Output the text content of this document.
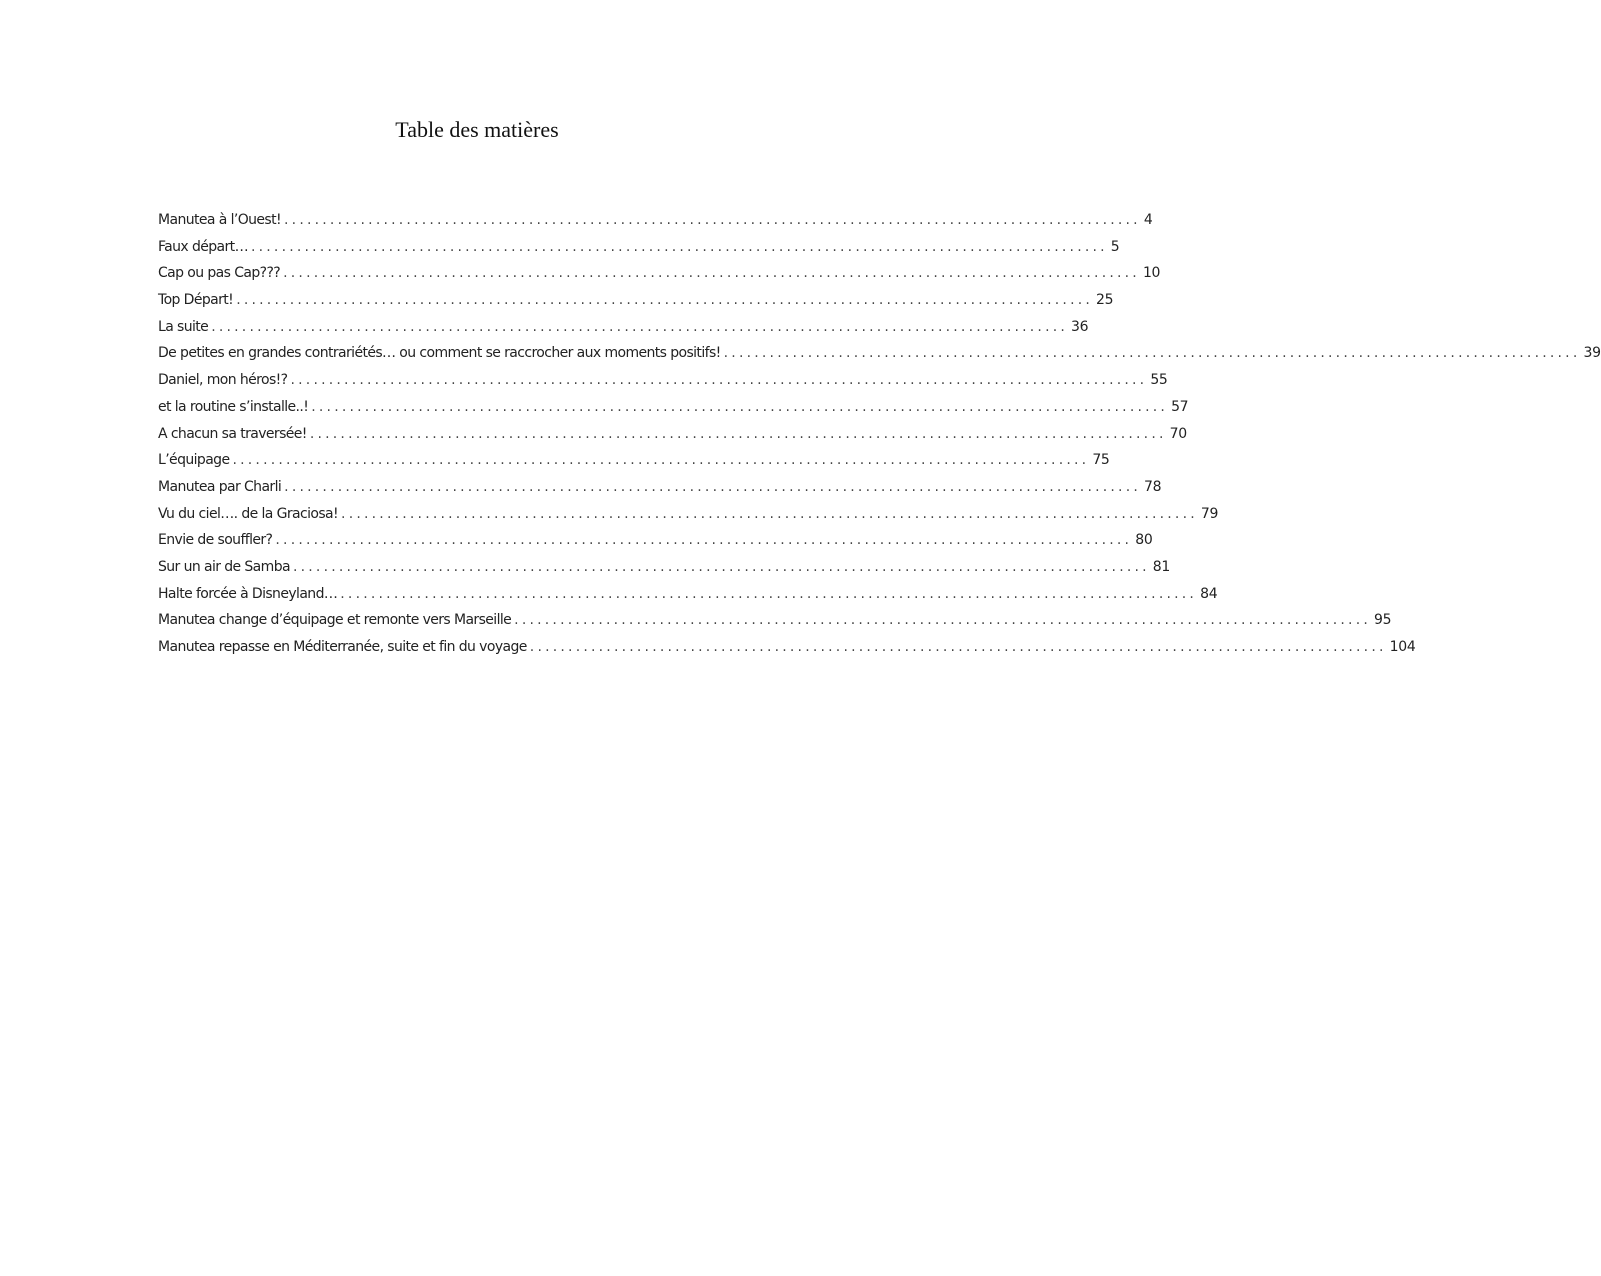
Table des matières
Manutea à l’Ouest! ................................................................................................................ 4
Faux départ… ................................................................................................................ 5
Cap ou pas Cap??? ................................................................................................................ 10
Top Départ! ................................................................................................................ 25
La suite ................................................................................................................ 36
De petites en grandes contrariétés… ou comment se raccrocher aux moments positifs! ................................................................................................................ 39
Daniel, mon héros!? ................................................................................................................ 55
et la routine s’installe..! ................................................................................................................ 57
A chacun sa traversée! ................................................................................................................ 70
L’équipage ................................................................................................................ 75
Manutea par Charli ................................................................................................................ 78
Vu du ciel…. de la Graciosa! ................................................................................................................ 79
Envie de souffler? ................................................................................................................ 80
Sur un air de Samba ................................................................................................................ 81
Halte forcée à Disneyland… ................................................................................................................ 84
Manutea change d’équipage et remonte vers Marseille ................................................................................................................ 95
Manutea repasse en Méditerranée, suite et fin du voyage ................................................................................................................ 104
